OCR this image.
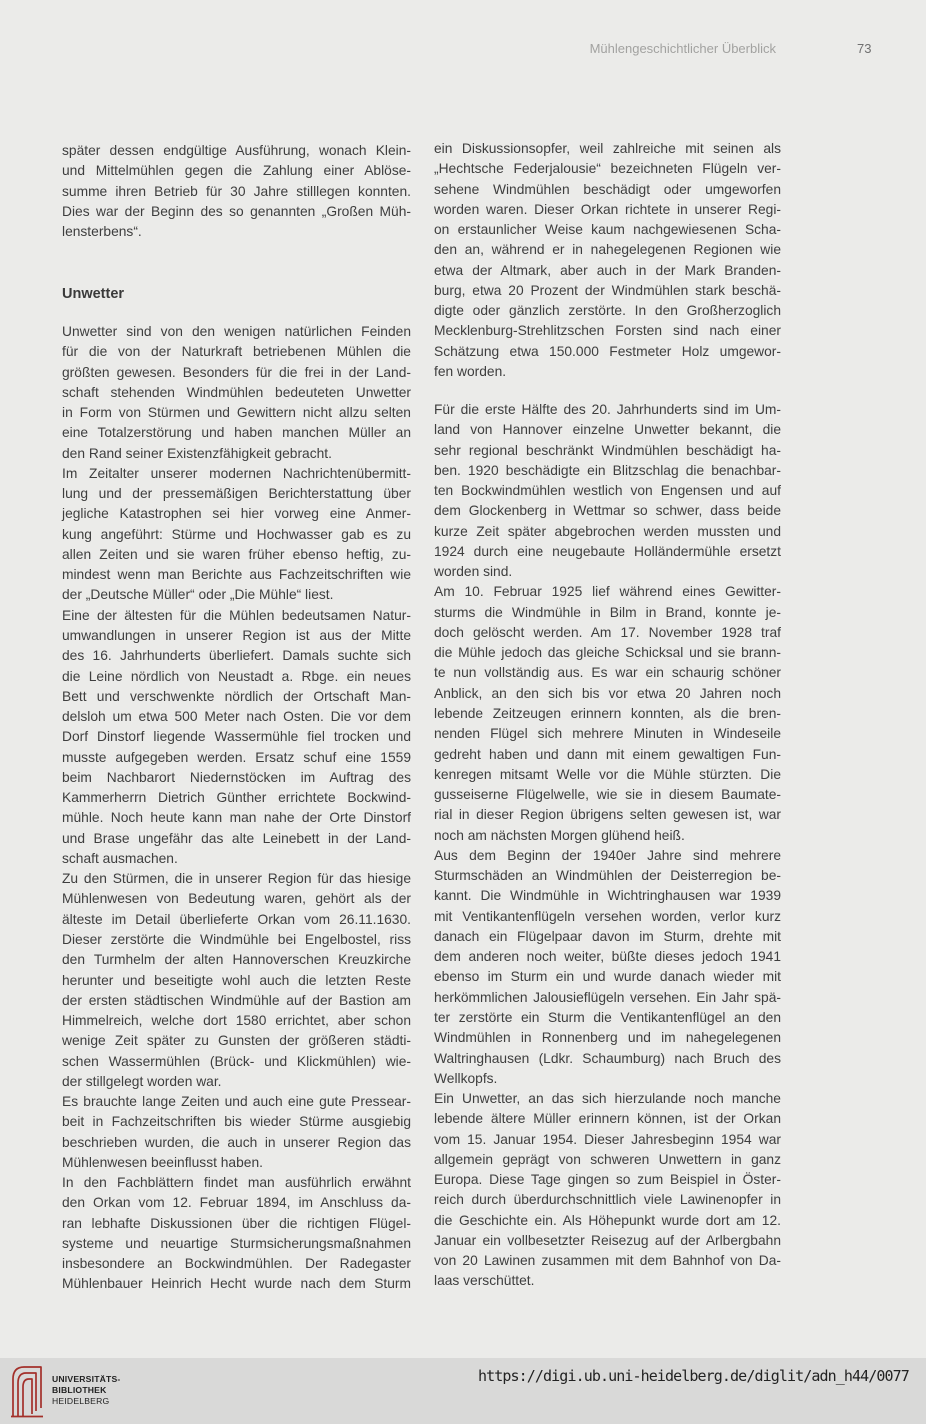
Mühlengeschichtlicher Überblick	73
später dessen endgültige Ausführung, wonach Klein-
und Mittelmühlen gegen die Zahlung einer Ablöse-
summe ihren Betrieb für 30 Jahre stilllegen konnten.
Dies war der Beginn des so genannten „Großen Müh-
lensterbens“.
Unwetter
Unwetter sind von den wenigen natürlichen Feinden
für die von der Naturkraft betriebenen Mühlen die
größten gewesen. Besonders für die frei in der Land-
schaft stehenden Windmühlen bedeuteten Unwetter
in Form von Stürmen und Gewittern nicht allzu selten
eine Totalzerstörung und haben manchen Müller an
den Rand seiner Existenzfähigkeit gebracht.
Im Zeitalter unserer modernen Nachrichtenübermitt-
lung und der pressemäßigen Berichterstattung über
jegliche Katastrophen sei hier vorweg eine Anmer-
kung angeführt: Stürme und Hochwasser gab es zu
allen Zeiten und sie waren früher ebenso heftig, zu-
mindest wenn man Berichte aus Fachzeitschriften wie
der „Deutsche Müller“ oder „Die Mühle“ liest.
Eine der ältesten für die Mühlen bedeutsamen Natur-
umwandlungen in unserer Region ist aus der Mitte
des 16. Jahrhunderts überliefert. Damals suchte sich
die Leine nördlich von Neustadt a. Rbge. ein neues
Bett und verschwenkte nördlich der Ortschaft Man-
delsloh um etwa 500 Meter nach Osten. Die vor dem
Dorf Dinstorf liegende Wassermühle fiel trocken und
musste aufgegeben werden. Ersatz schuf eine 1559
beim Nachbarort Niedernstöcken im Auftrag des
Kammerherrn Dietrich Günther errichtete Bockwind-
mühle. Noch heute kann man nahe der Orte Dinstorf
und Brase ungefähr das alte Leinebett in der Land-
schaft ausmachen.
Zu den Stürmen, die in unserer Region für das hiesige
Mühlenwesen von Bedeutung waren, gehört als der
älteste im Detail überlieferte Orkan vom 26.11.1630.
Dieser zerstörte die Windmühle bei Engelbostel, riss
den Turmhelm der alten Hannoverschen Kreuzkirche
herunter und beseitigte wohl auch die letzten Reste
der ersten städtischen Windmühle auf der Bastion am
Himmelreich, welche dort 1580 errichtet, aber schon
wenige Zeit später zu Gunsten der größeren städti-
schen Wassermühlen (Brück- und Klickmühlen) wie-
der stillgelegt worden war.
Es brauchte lange Zeiten und auch eine gute Pressear-
beit in Fachzeitschriften bis wieder Stürme ausgiebig
beschrieben wurden, die auch in unserer Region das
Mühlenwesen beeinflusst haben.
In den Fachblättern findet man ausführlich erwähnt
den Orkan vom 12. Februar 1894, im Anschluss da-
ran lebhafte Diskussionen über die richtigen Flügel-
systeme und neuartige Sturmsicherungsmaßnahmen
insbesondere an Bockwindmühlen. Der Radegaster
Mühlenbauer Heinrich Hecht wurde nach dem Sturm
ein Diskussionsopfer, weil zahlreiche mit seinen als
„Hechtsche Federjalousie“ bezeichneten Flügeln ver-
sehene Windmühlen beschädigt oder umgeworfen
worden waren. Dieser Orkan richtete in unserer Regi-
on erstaunlicher Weise kaum nachgewiesenen Scha-
den an, während er in nahegelegenen Regionen wie
etwa der Altmark, aber auch in der Mark Branden-
burg, etwa 20 Prozent der Windmühlen stark beschä-
digte oder gänzlich zerstörte. In den Großherzoglich
Mecklenburg-Strehlitzschen Forsten sind nach einer
Schätzung etwa 150.000 Festmeter Holz umgewor-
fen worden.
Für die erste Hälfte des 20. Jahrhunderts sind im Um-
land von Hannover einzelne Unwetter bekannt, die
sehr regional beschränkt Windmühlen beschädigt ha-
ben. 1920 beschädigte ein Blitzschlag die benachbar-
ten Bockwindmühlen westlich von Engensen und auf
dem Glockenberg in Wettmar so schwer, dass beide
kurze Zeit später abgebrochen werden mussten und
1924 durch eine neugebaute Holländermühle ersetzt
worden sind.
Am 10. Februar 1925 lief während eines Gewitter-
sturms die Windmühle in Bilm in Brand, konnte je-
doch gelöscht werden. Am 17. November 1928 traf
die Mühle jedoch das gleiche Schicksal und sie brann-
te nun vollständig aus. Es war ein schaurig schöner
Anblick, an den sich bis vor etwa 20 Jahren noch
lebende Zeitzeugen erinnern konnten, als die bren-
nenden Flügel sich mehrere Minuten in Windeseile
gedreht haben und dann mit einem gewaltigen Fun-
kenregen mitsamt Welle vor die Mühle stürzten. Die
gusseiserne Flügelwelle, wie sie in diesem Baumate-
rial in dieser Region übrigens selten gewesen ist, war
noch am nächsten Morgen glühend heiß.
Aus dem Beginn der 1940er Jahre sind mehrere
Sturmschäden an Windmühlen der Deisterregion be-
kannt. Die Windmühle in Wichtringhausen war 1939
mit Ventikantenflügeln versehen worden, verlor kurz
danach ein Flügelpaar davon im Sturm, drehte mit
dem anderen noch weiter, büßte dieses jedoch 1941
ebenso im Sturm ein und wurde danach wieder mit
herkömmlichen Jalousieflügeln versehen. Ein Jahr spä-
ter zerstörte ein Sturm die Ventikantenflügel an den
Windmühlen in Ronnenberg und im nahegelegenen
Waltringhausen (Ldkr. Schaumburg) nach Bruch des
Wellkopfs.
Ein Unwetter, an das sich hierzulande noch manche
lebende ältere Müller erinnern können, ist der Orkan
vom 15. Januar 1954. Dieser Jahresbeginn 1954 war
allgemein geprägt von schweren Unwettern in ganz
Europa. Diese Tage gingen so zum Beispiel in Öster-
reich durch überdurchschnittlich viele Lawinenopfer in
die Geschichte ein. Als Höhepunkt wurde dort am 12.
Januar ein vollbesetzter Reisezug auf der Arlbergbahn
von 20 Lawinen zusammen mit dem Bahnhof von Da-
laas verschüttet.
UNIVERSITÄTS-
BIBLIOTHEK
HEIDELBERG
https://digi.ub.uni-heidelberg.de/diglit/adn_h44/0077
